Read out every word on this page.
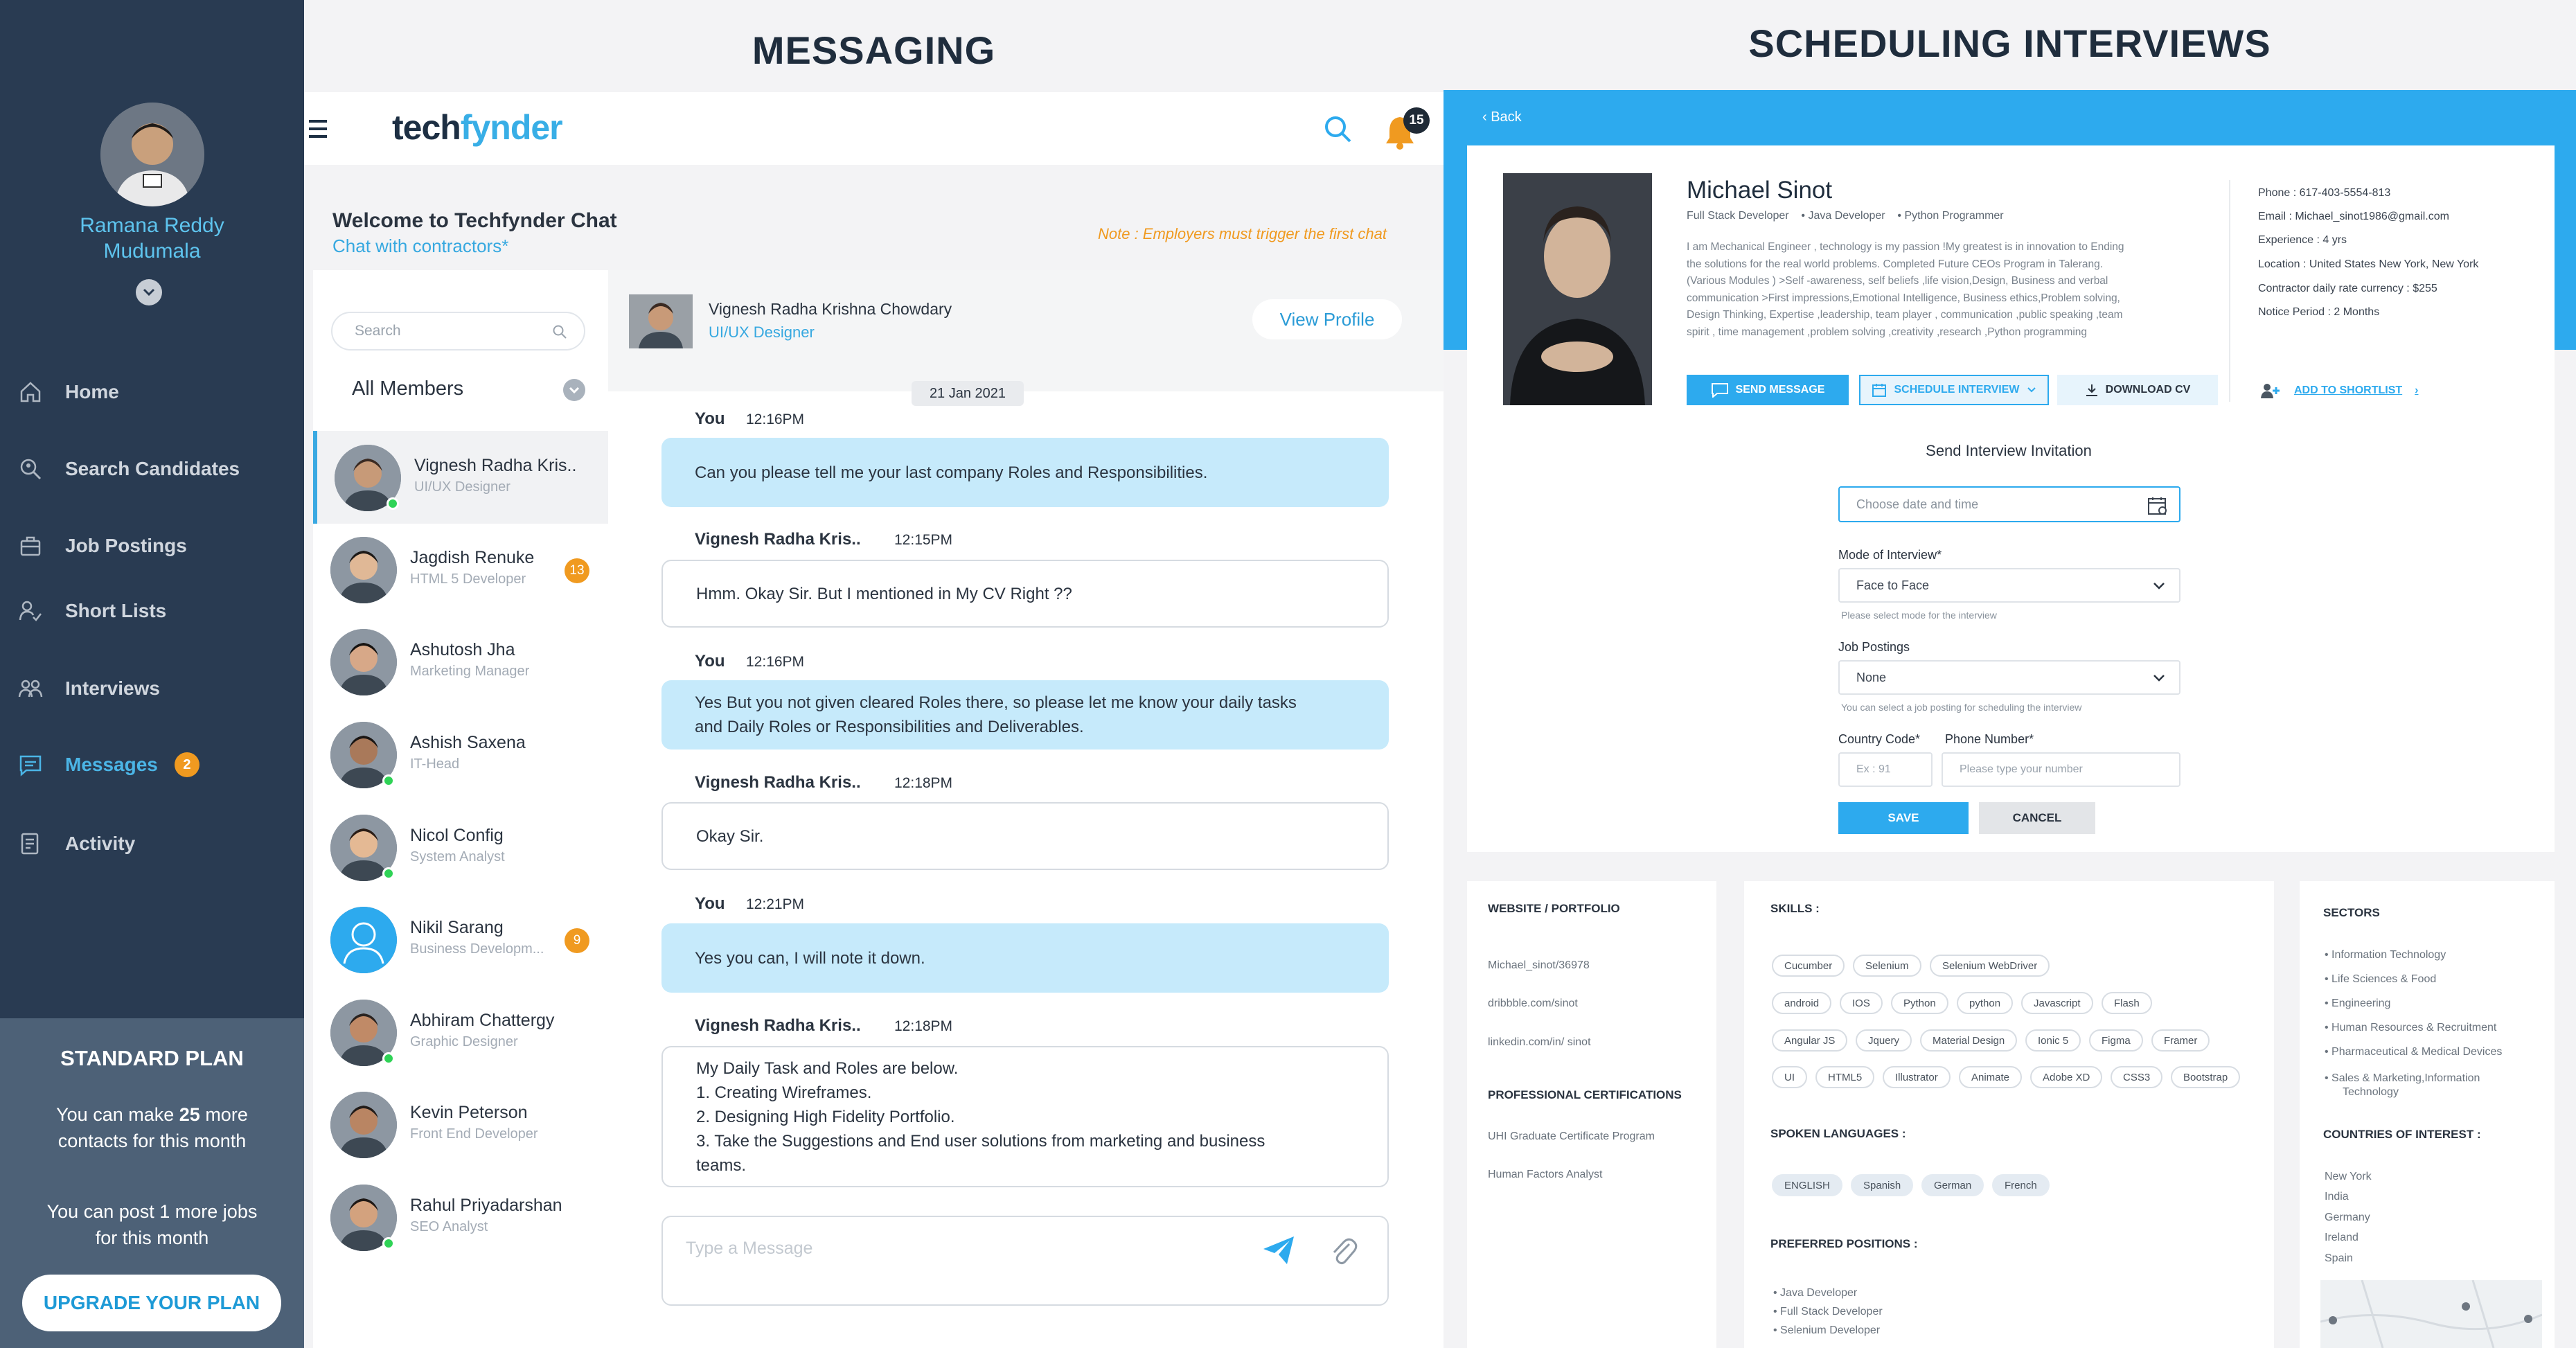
Ramana Reddy
Mudumala
Home
Search Candidates
Job Postings
Short Lists
Interviews
Messages	2
Activity
STANDARD PLAN
You can make 25 more
contacts for this month
You can post 1 more jobs
for this month
UPGRADE YOUR PLAN
MESSAGING
techfynder	15
Welcome to Techfynder Chat
Chat with contractors*
Note : Employers must trigger the first chat
Search
All Members
Vignesh Radha Kris..
UI/UX Designer
Jagdish Renuke
HTML 5 Developer
13
Ashutosh Jha
Marketing Manager
Ashish Saxena
IT-Head
Nicol Config
System Analyst
Nikil Sarang
Business Developm...
9
Abhiram Chattergy
Graphic Designer
Kevin Peterson
Front End Developer
Rahul Priyadarshan
SEO Analyst
Vignesh Radha Krishna Chowdary
UI/UX Designer
View Profile
21 Jan 2021
You 12:16PM
Can you please tell me your last company Roles and Responsibilities.
Vignesh Radha Kris.. 12:15PM
Hmm. Okay Sir. But I mentioned in My CV Right ??
You 12:16PM
Yes But you not given cleared Roles there, so please let me know your daily tasks
and Daily Roles or Responsibilities and Deliverables.
Vignesh Radha Kris.. 12:18PM
Okay Sir.
You 12:21PM
Yes you can, I will note it down.
Vignesh Radha Kris.. 12:18PM
My Daily Task and Roles are below.
1. Creating Wireframes.
2. Designing High Fidelity Portfolio.
3. Take the Suggestions and End user solutions from marketing and business
teams.
Type a Message
SCHEDULING INTERVIEWS
‹ Back
Michael Sinot
Full Stack Developer    • Java Developer    • Python Programmer
I am Mechanical Engineer , technology is my passion !My greatest is in innovation to Ending
the solutions for the real world problems. Completed Future CEOs Program in Talerang.
(Various Modules ) >Self -awareness, self beliefs ,life vision,Design, Business and verbal
communication >First impressions,Emotional Intelligence, Business ethics,Problem solving,
Design Thinking, Expertise ,leadership, team player , communication ,public speaking ,team
spirit , time management ,problem solving ,creativity ,research ,Python programming
Phone : 617-403-5554-813
Email : Michael_sinot1986@gmail.com
Experience : 4 yrs
Location : United States New York, New York
Contractor daily rate currency : $255
Notice Period : 2 Months
SEND MESSAGE	SCHEDULE INTERVIEW	DOWNLOAD CV	ADD TO SHORTLIST ›
Send Interview Invitation
Choose date and time
Mode of Interview*
Face to Face
Please select mode for the interview
Job Postings
None
You can select a job posting for scheduling the interview
Country Code* Phone Number*
Ex : 91	Please type your number
SAVE	CANCEL
WEBSITE / PORTFOLIO
Michael_sinot/36978
dribbble.com/sinot
linkedin.com/in/ sinot
PROFESSIONAL CERTIFICATIONS
UHI Graduate Certificate Program
Human Factors Analyst
SKILLS :
Cucumber	Selenium	Selenium WebDriver
android	IOS	Python	python	Javascript	Flash
Angular JS	Jquery	Material Design	Ionic 5	Figma	Framer
UI	HTML5	Illustrator	Animate	Adobe XD	CSS3	Bootstrap
ENGLISH	Spanish	German	French
SPOKEN LANGUAGES :
PREFERRED POSITIONS :
• Java Developer
• Full Stack Developer
• Selenium Developer
SECTORS
• Information Technology
• Life Sciences & Food
• Engineering
• Human Resources & Recruitment
• Pharmaceutical & Medical Devices
• Sales & Marketing,Information
Technology
COUNTRIES OF INTEREST :
New York
India
Germany
Ireland
Spain
